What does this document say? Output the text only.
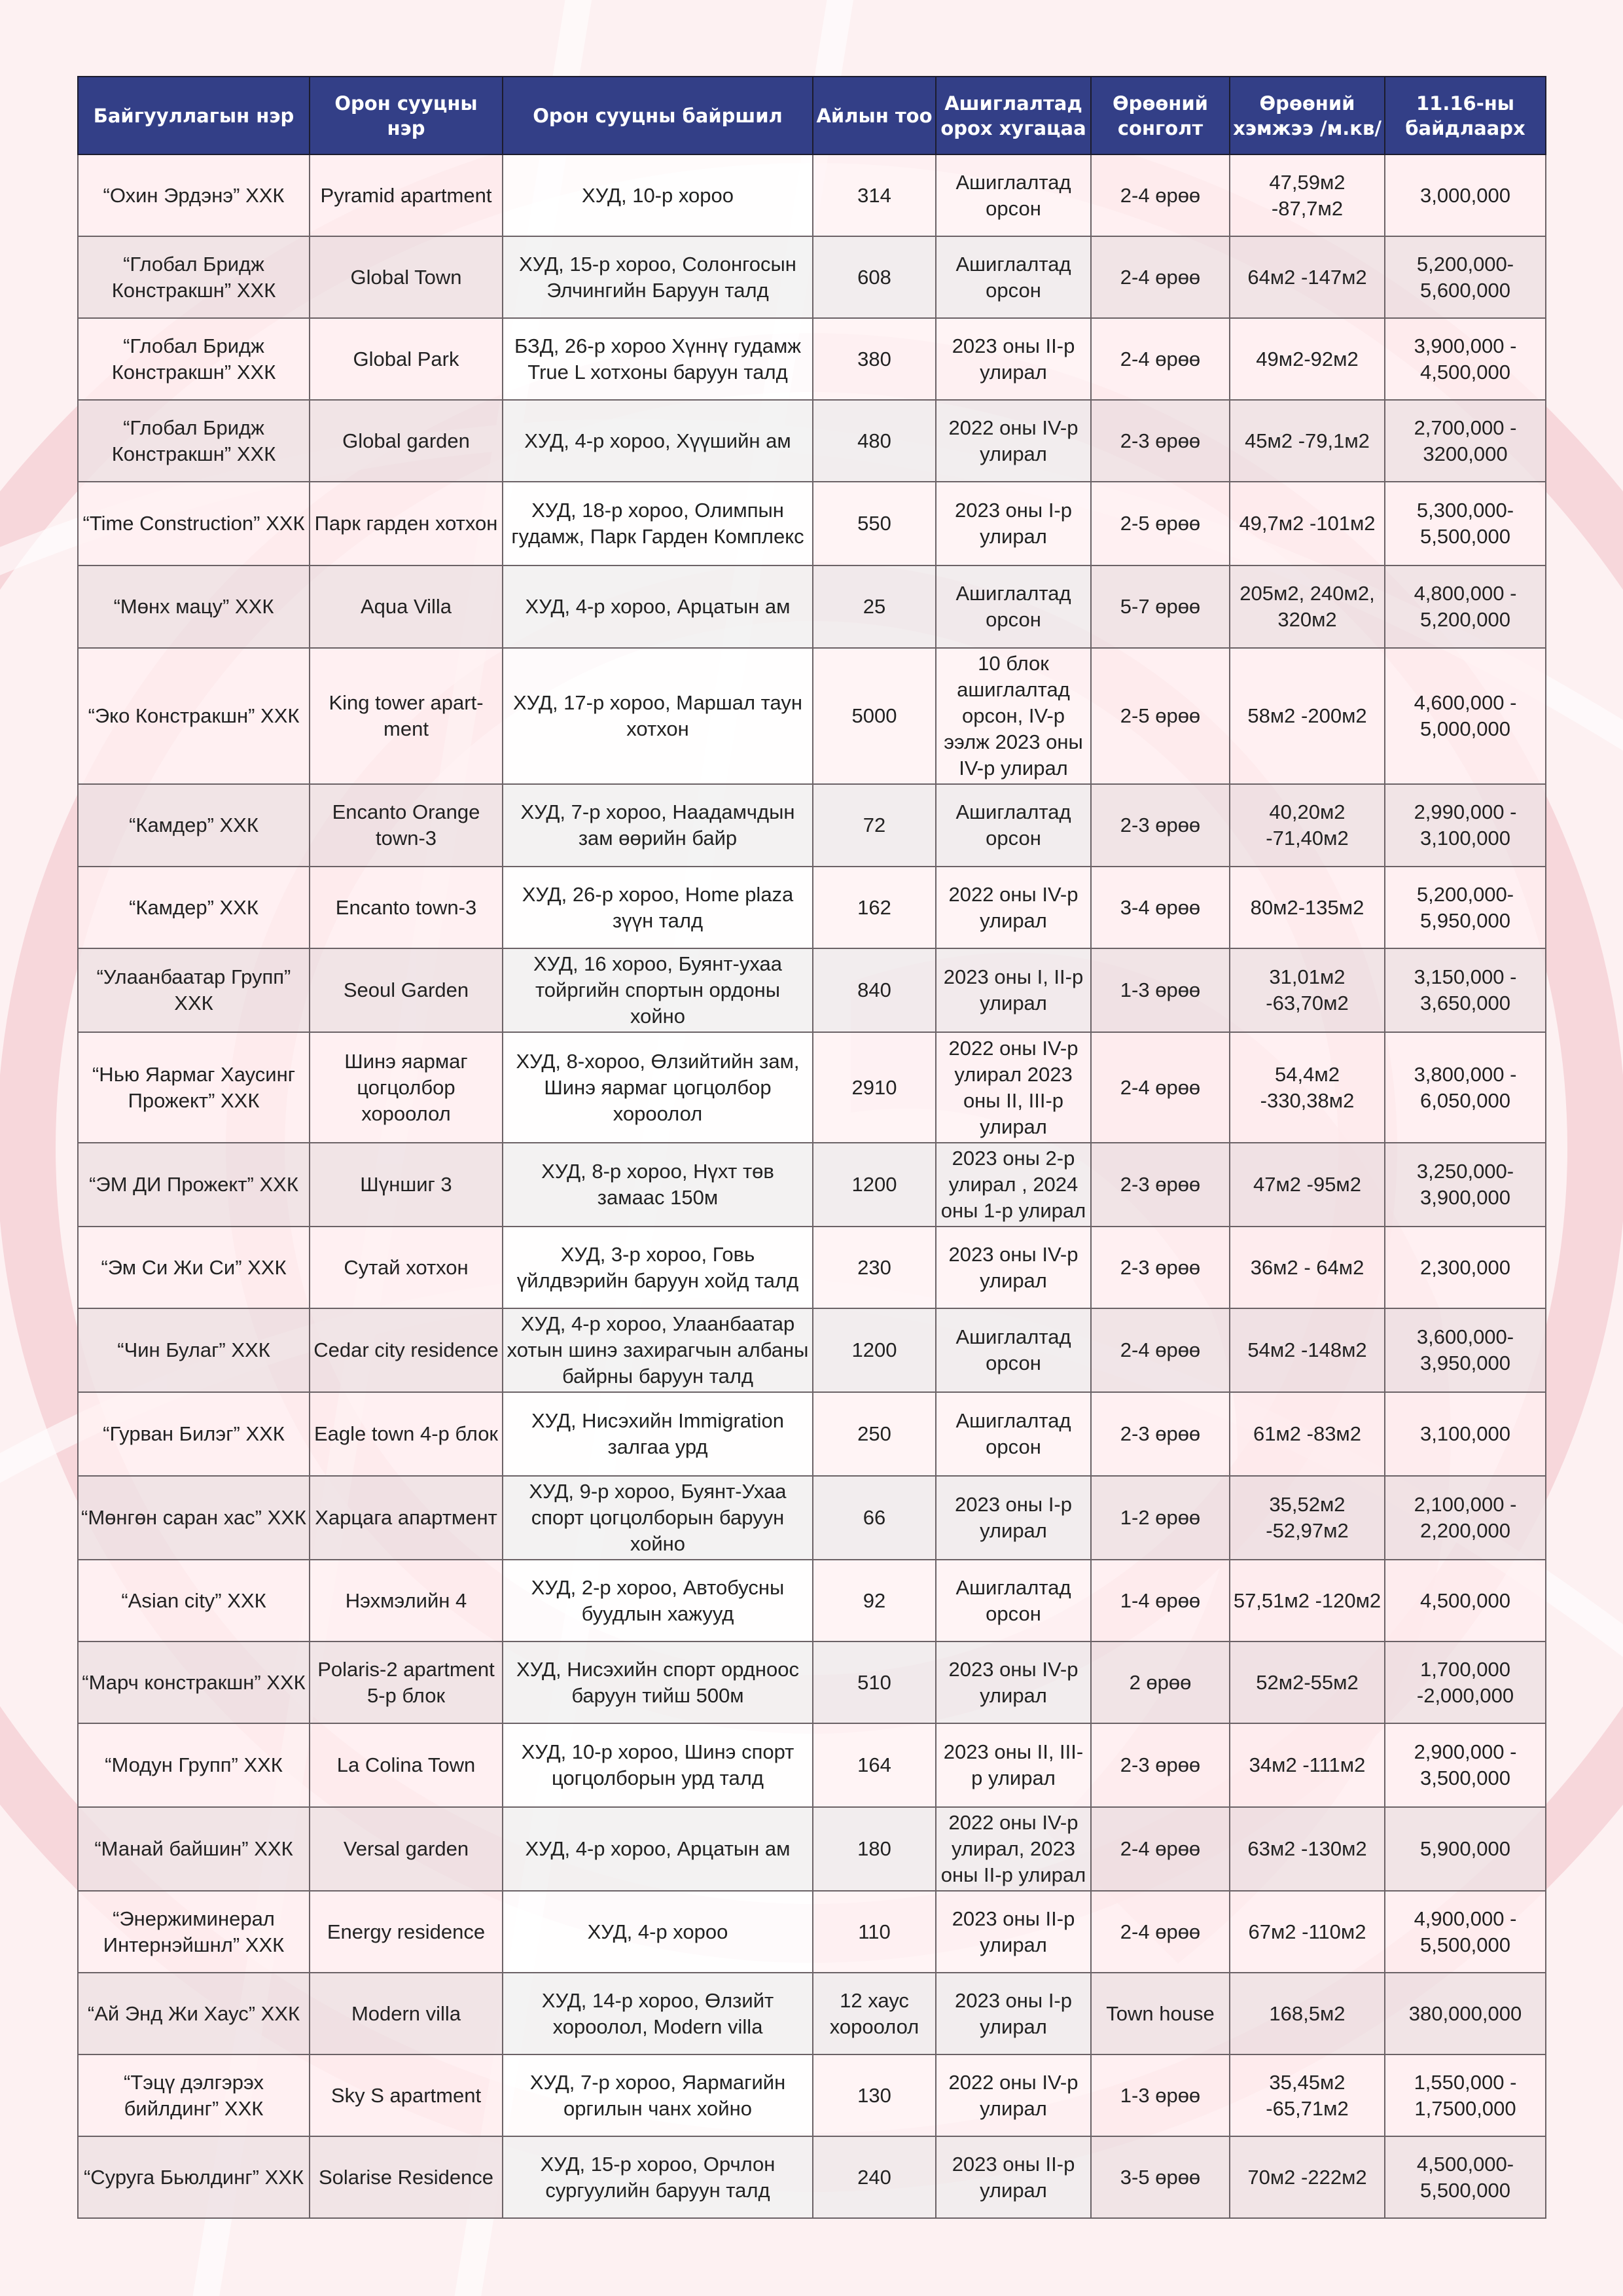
Байгууллагын нэр	Орон сууцны нэр	Орон сууцны байршил	Айлын тоо	Ашиглалтад орох хугацаа	Өрөөний сонголт	Өрөөний хэмжээ /м.кв/	11.16-ны байдлаарх
“Охин Эрдэнэ” ХХК	Pyramid apartment	ХУД, 10-р хороо	314	Ашиглалтад орсон	2-4 өрөө	47,59м2 -87,7м2	3,000,000
“Глобал Бридж Констракшн” ХХК	Global Town	ХУД, 15-р хороо, Солонгосын Элчингийн Баруун талд	608	Ашиглалтад орсон	2-4 өрөө	64м2 -147м2	5,200,000- 5,600,000
“Глобал Бридж Констракшн” ХХК	Global Park	БЗД, 26-р хороо Хүннү гудамж True L хотхоны баруун талд	380	2023 оны II-р улирал	2-4 өрөө	49м2-92м2	3,900,000 - 4,500,000
“Глобал Бридж Констракшн” ХХК	Global garden	ХУД, 4-р хороо, Хүүшийн ам	480	2022 оны IV-р улирал	2-3 өрөө	45м2 -79,1м2	2,700,000 - 3200,000
“Time Construction” ХХК	Парк гарден хотхон	ХУД, 18-р хороо, Олимпын гудамж, Парк Гарден Комплекс	550	2023 оны I-р улирал	2-5 өрөө	49,7м2 -101м2	5,300,000- 5,500,000
“Мөнх мацу” ХХК	Aqua Villa	ХУД, 4-р хороо, Арцатын ам	25	Ашиглалтад орсон	5-7 өрөө	205м2, 240м2, 320м2	4,800,000 - 5,200,000
“Эко Констракшн” ХХК	King tower apart-ment	ХУД, 17-р хороо, Маршал таун хотхон	5000	10 блок ашиглалтад орсон, IV-р ээлж 2023 оны IV-р улирал	2-5 өрөө	58м2 -200м2	4,600,000 - 5,000,000
“Камдер” ХХК	Encanto Orange town-3	ХУД, 7-р хороо, Наадамчдын зам өөрийн байр	72	Ашиглалтад орсон	2-3 өрөө	40,20м2 -71,40м2	2,990,000 - 3,100,000
“Камдер” ХХК	Encanto town-3	ХУД, 26-р хороо, Home plaza зүүн талд	162	2022 оны IV-р улирал	3-4 өрөө	80м2-135м2	5,200,000- 5,950,000
“Улаанбаатар Групп” ХХК	Seoul Garden	ХУД, 16 хороо, Буянт-ухаа тойргийн спортын ордоны хойно	840	2023 оны I, II-р улирал	1-3 өрөө	31,01м2 -63,70м2	3,150,000 - 3,650,000
“Нью Яармаг Хаусинг Прожект” ХХК	Шинэ яармаг цогцолбор хороолол	ХУД, 8-хороо, Өлзийтийн зам, Шинэ яармаг цогцолбор хороолол	2910	2022 оны IV-р улирал 2023 оны II, III-р улирал	2-4 өрөө	54,4м2 -330,38м2	3,800,000 - 6,050,000
“ЭМ ДИ Прожект” ХХК	Шүншиг 3	ХУД, 8-р хороо, Нүхт төв замаас 150м	1200	2023 оны 2-р улирал , 2024 оны 1-р улирал	2-3 өрөө	47м2 -95м2	3,250,000- 3,900,000
“Эм Си Жи Си” ХХК	Сутай хотхон	ХУД, 3-р хороо, Говь үйлдвэрийн баруун хойд талд	230	2023 оны IV-р улирал	2-3 өрөө	36м2 - 64м2	2,300,000
“Чин Булаг” ХХК	Cedar city residence	ХУД, 4-р хороо, Улаанбаатар хотын шинэ захирагчын албаны байрны баруун талд	1200	Ашиглалтад орсон	2-4 өрөө	54м2 -148м2	3,600,000- 3,950,000
“Гурван Билэг” ХХК	Eagle town 4-р блок	ХУД, Нисэхийн Immigration залгаа урд	250	Ашиглалтад орсон	2-3 өрөө	61м2 -83м2	3,100,000
“Мөнгөн саран хас” ХХК	Харцага апартмент	ХУД, 9-р хороо, Буянт-Ухаа спорт цогцолборын баруун хойно	66	2023 оны I-р улирал	1-2 өрөө	35,52м2 -52,97м2	2,100,000 - 2,200,000
“Asian city” ХХК	Нэхмэлийн 4	ХУД, 2-р хороо, Автобусны буудлын хажууд	92	Ашиглалтад орсон	1-4 өрөө	57,51м2 -120м2	4,500,000
“Марч констракшн” ХХК	Polaris-2 apartment 5-р блок	ХУД, Нисэхийн спорт ордноос баруун тийш 500м	510	2023 оны IV-р улирал	2 өрөө	52м2-55м2	1,700,000 -2,000,000
“Модун Групп” ХХК	La Colina Town	ХУД, 10-р хороо, Шинэ спорт цогцолборын урд талд	164	2023 оны II, III-р улирал	2-3 өрөө	34м2 -111м2	2,900,000 - 3,500,000
“Манай байшин” ХХК	Versal garden	ХУД, 4-р хороо, Арцатын ам	180	2022 оны IV-р улирал, 2023 оны II-р улирал	2-4 өрөө	63м2 -130м2	5,900,000
“Энержиминерал Интернэйшнл” ХХК	Energy residence	ХУД, 4-р хороо	110	2023 оны II-р улирал	2-4 өрөө	67м2 -110м2	4,900,000 - 5,500,000
“Ай Энд Жи Хаус” ХХК	Modern villa	ХУД, 14-р хороо, Өлзийт хороолол, Modern villa	12 хаус хороолол	2023 оны I-р улирал	Town house	168,5м2	380,000,000
“Тэцү дэлгэрэх бийлдинг” ХХК	Sky S apartment	ХУД, 7-р хороо, Яармагийн оргилын чанх хойно	130	2022 оны IV-р улирал	1-3 өрөө	35,45м2 -65,71м2	1,550,000 - 1,7500,000
“Суруга Бьюлдинг” ХХК	Solarise Residence	ХУД, 15-р хороо, Орчлон сургуулийн баруун талд	240	2023 оны II-р улирал	3-5 өрөө	70м2 -222м2	4,500,000- 5,500,000
